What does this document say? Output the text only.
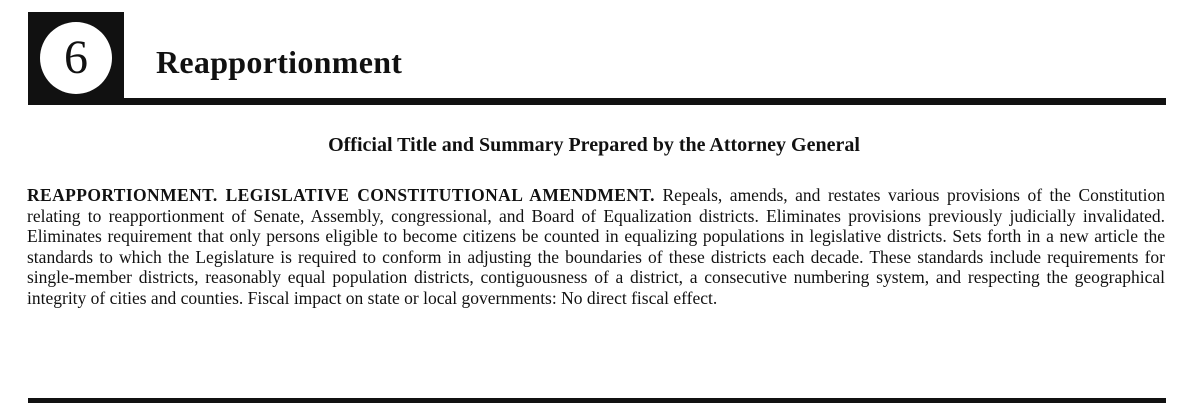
6	Reapportionment
Official Title and Summary Prepared by the Attorney General

REAPPORTIONMENT. LEGISLATIVE CONSTITUTIONAL AMENDMENT. Repeals, amends, and restates various provisions of the Constitution relating to reapportionment of Senate, Assembly, congressional, and Board of Equalization districts. Eliminates provisions previously judicially invalidated. Eliminates requirement that only persons eligible to become citizens be counted in equalizing populations in legislative districts. Sets forth in a new article the standards to which the Legislature is required to conform in adjusting the boundaries of these districts each decade. These standards include requirements for single-member districts, reasonably equal population districts, contiguousness of a district, a consecutive numbering system, and respecting the geographical integrity of cities and counties. Fiscal impact on state or local governments: No direct fiscal effect.
